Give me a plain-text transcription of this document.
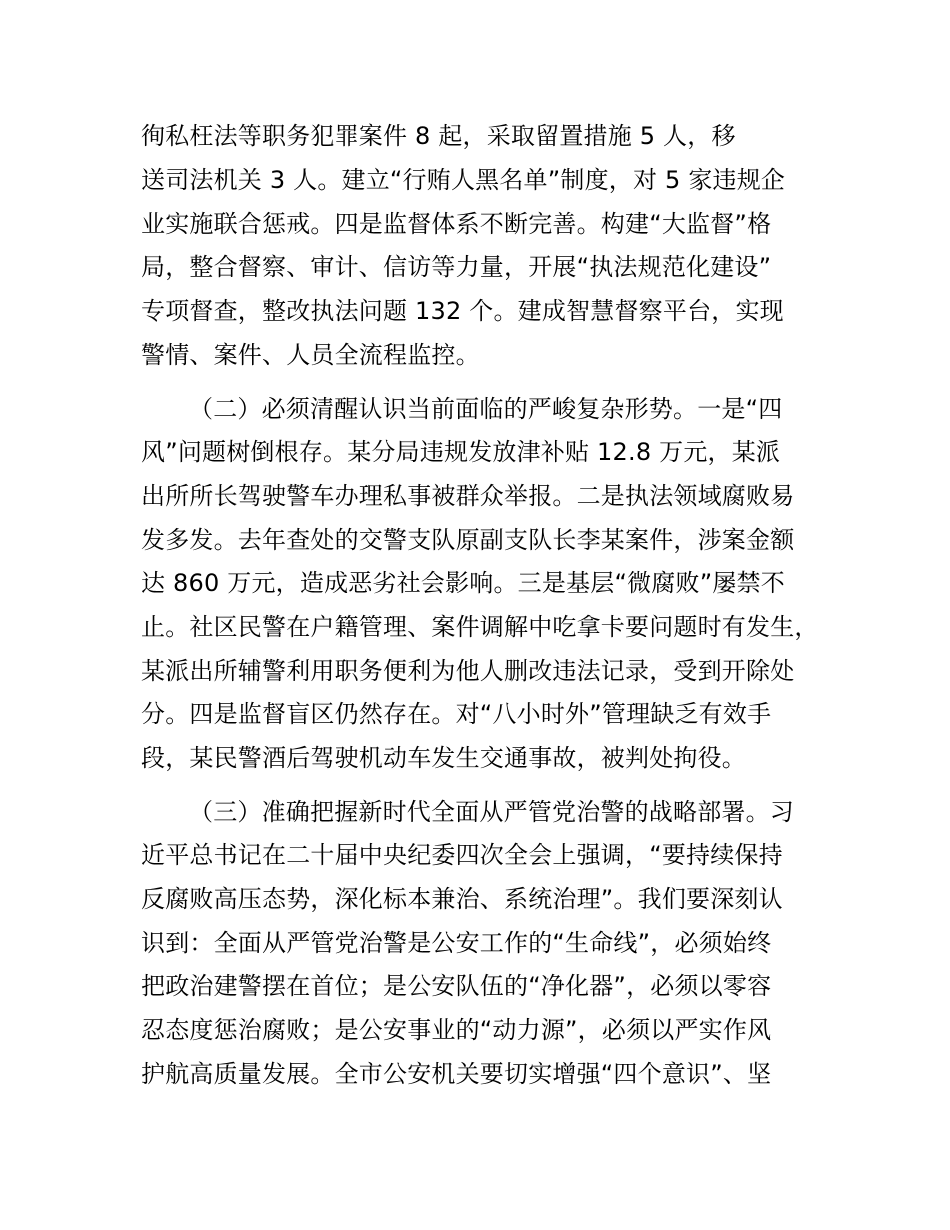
徇私枉法等职务犯罪案件 8 起，采取留置措施 5 人，移
送司法机关 3 人。建立“行贿人黑名单”制度，对 5 家违规企
业实施联合惩戒。四是监督体系不断完善。构建“大监督”格
局，整合督察、审计、信访等力量，开展“执法规范化建设”
专项督查，整改执法问题 132 个。建成智慧督察平台，实现
警情、案件、人员全流程监控。
（二）必须清醒认识当前面临的严峻复杂形势。一是“四
风”问题树倒根存。某分局违规发放津补贴 12.8 万元，某派
出所所长驾驶警车办理私事被群众举报。二是执法领域腐败易
发多发。去年查处的交警支队原副支队长李某案件，涉案金额
达 860 万元，造成恶劣社会影响。三是基层“微腐败”屡禁不
止。社区民警在户籍管理、案件调解中吃拿卡要问题时有发生，
某派出所辅警利用职务便利为他人删改违法记录，受到开除处
分。四是监督盲区仍然存在。对“八小时外”管理缺乏有效手
段，某民警酒后驾驶机动车发生交通事故，被判处拘役。
（三）准确把握新时代全面从严管党治警的战略部署。习
近平总书记在二十届中央纪委四次全会上强调，“要持续保持
反腐败高压态势，深化标本兼治、系统治理”。我们要深刻认
识到：全面从严管党治警是公安工作的“生命线”，必须始终
把政治建警摆在首位；是公安队伍的“净化器”，必须以零容
忍态度惩治腐败；是公安事业的“动力源”，必须以严实作风
护航高质量发展。全市公安机关要切实增强“四个意识”、坚
